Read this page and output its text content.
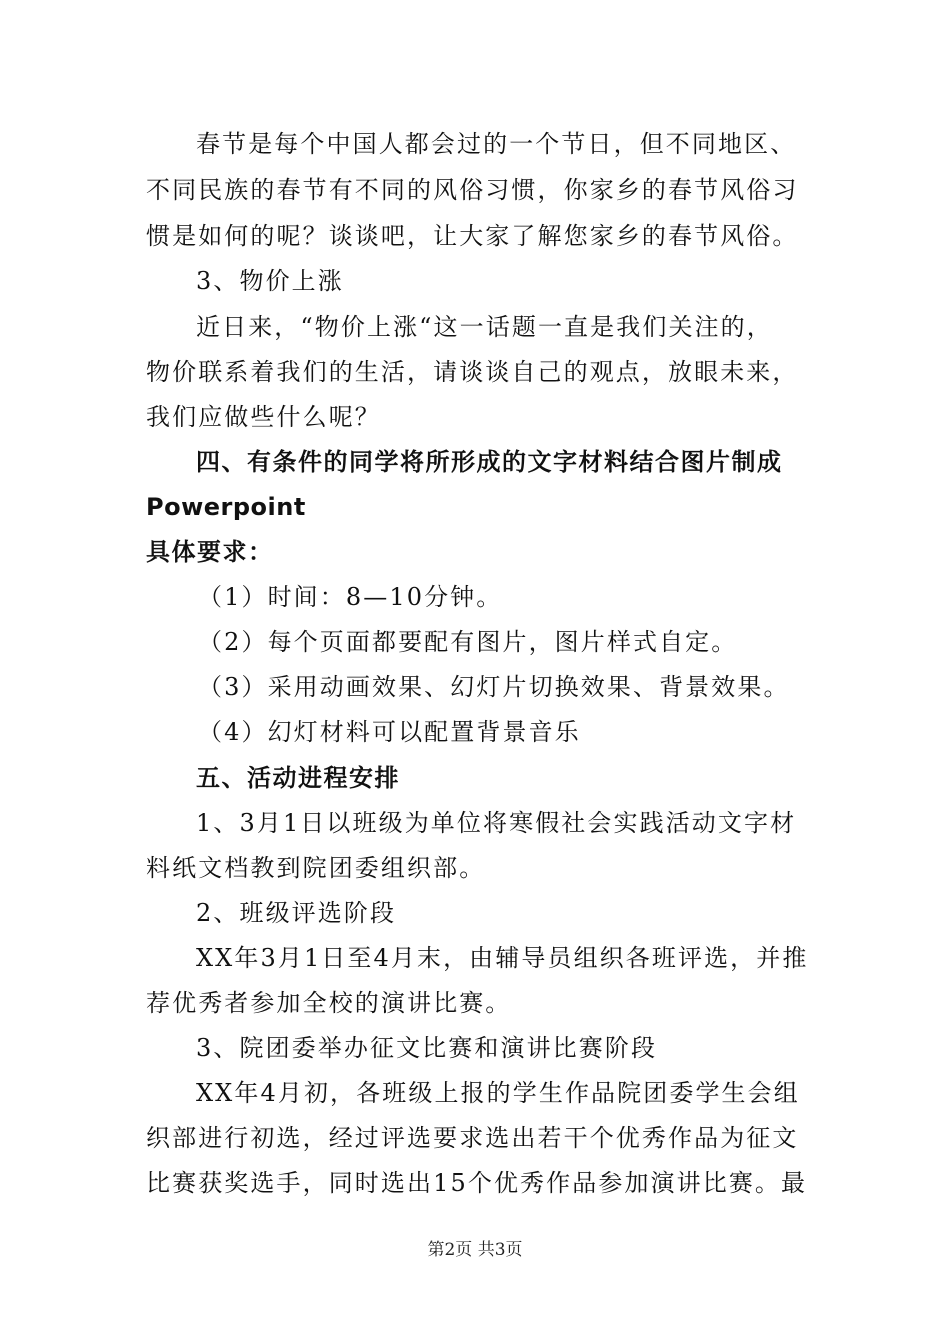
春节是每个中国人都会过的一个节日，但不同地区、
不同民族的春节有不同的风俗习惯，你家乡的春节风俗习
惯是如何的呢？谈谈吧，让大家了解您家乡的春节风俗。
3、物价上涨
近日来，“物价上涨“这一话题一直是我们关注的，
物价联系着我们的生活，请谈谈自己的观点，放眼未来，
我们应做些什么呢？
四、有条件的同学将所形成的文字材料结合图片制成
Powerpoint
具体要求：
（1）时间：8—10分钟。
（2）每个页面都要配有图片，图片样式自定。
（3）采用动画效果、幻灯片切换效果、背景效果。
（4）幻灯材料可以配置背景音乐
五、活动进程安排
1、3月1日以班级为单位将寒假社会实践活动文字材
料纸文档教到院团委组织部。
2、班级评选阶段
XX年3月1日至4月末，由辅导员组织各班评选，并推
荐优秀者参加全校的演讲比赛。
3、院团委举办征文比赛和演讲比赛阶段
XX年4月初，各班级上报的学生作品院团委学生会组
织部进行初选，经过评选要求选出若干个优秀作品为征文
比赛获奖选手，同时选出15个优秀作品参加演讲比赛。最
第2页 共3页
